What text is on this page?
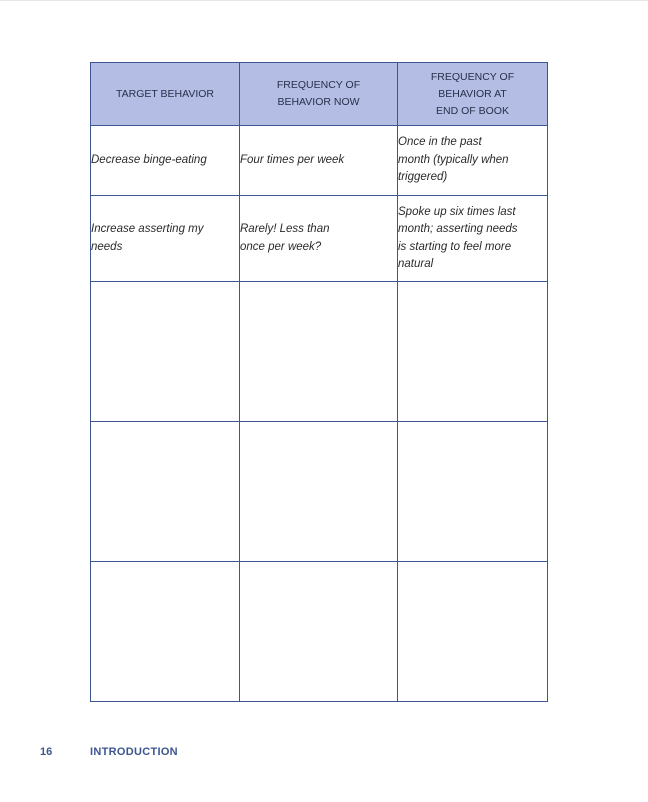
TARGET BEHAVIOR	FREQUENCY OF BEHAVIOR NOW	FREQUENCY OF BEHAVIOR AT END OF BOOK
Decrease binge-eating	Four times per week	Once in the past month (typically when triggered)
Increase asserting my needs	Rarely! Less than once per week?	Spoke up six times last month; asserting needs is starting to feel more natural

16	INTRODUCTION
